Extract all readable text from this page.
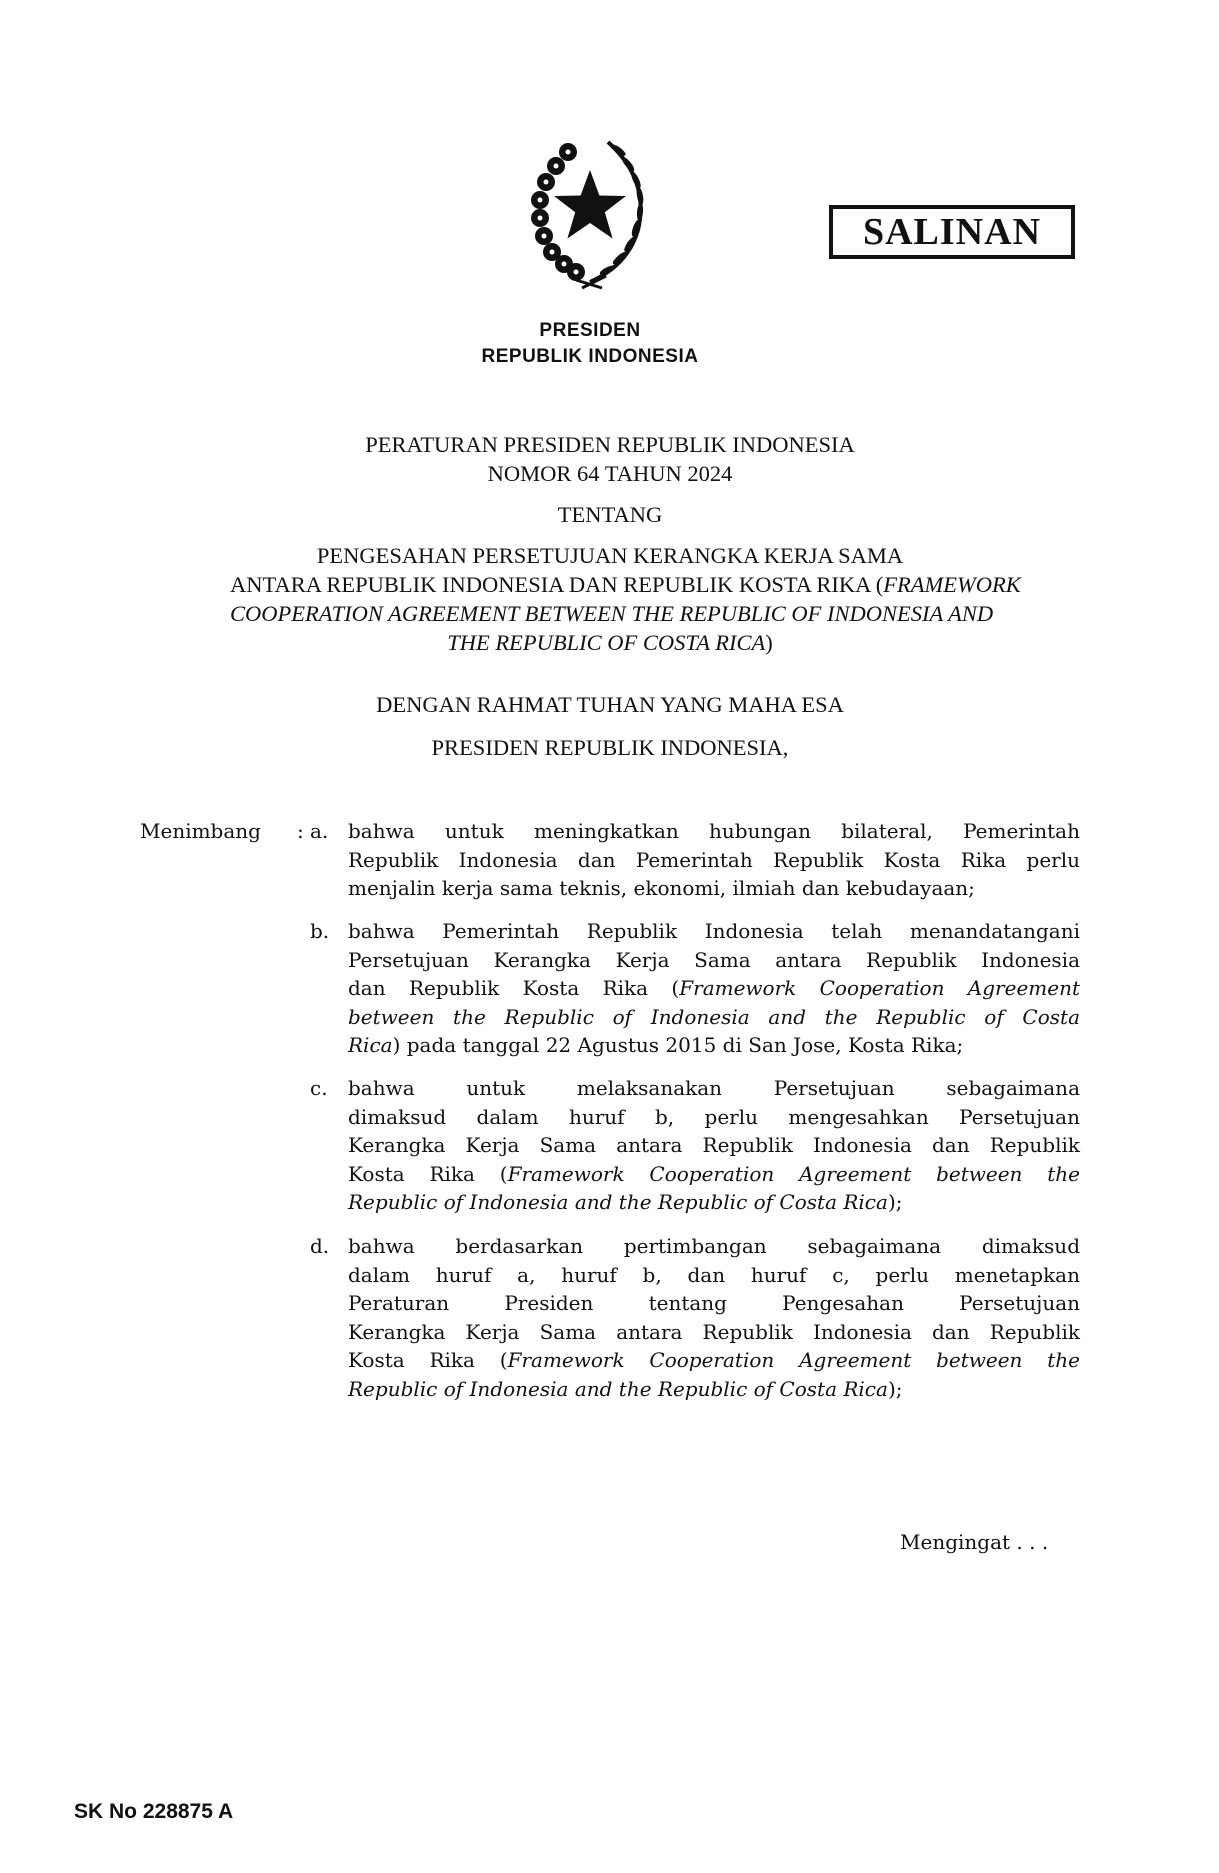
SALINAN
PRESIDEN
REPUBLIK INDONESIA
PERATURAN PRESIDEN REPUBLIK INDONESIA
NOMOR 64 TAHUN 2024
TENTANG
PENGESAHAN PERSETUJUAN KERANGKA KERJA SAMA
ANTARA REPUBLIK INDONESIA DAN REPUBLIK KOSTA RIKA (FRAMEWORK
COOPERATION AGREEMENT BETWEEN THE REPUBLIC OF INDONESIA AND
THE REPUBLIC OF COSTA RICA)
DENGAN RAHMAT TUHAN YANG MAHA ESA
PRESIDEN REPUBLIK INDONESIA,
Menimbang : a. bahwa untuk meningkatkan hubungan bilateral, Pemerintah
Republik Indonesia dan Pemerintah Republik Kosta Rika perlu
menjalin kerja sama teknis, ekonomi, ilmiah dan kebudayaan;
b. bahwa Pemerintah Republik Indonesia telah menandatangani
Persetujuan Kerangka Kerja Sama antara Republik Indonesia
dan Republik Kosta Rika (Framework Cooperation Agreement
between the Republic of Indonesia and the Republic of Costa
Rica) pada tanggal 22 Agustus 2015 di San Jose, Kosta Rika;
c. bahwa untuk melaksanakan Persetujuan sebagaimana
dimaksud dalam huruf b, perlu mengesahkan Persetujuan
Kerangka Kerja Sama antara Republik Indonesia dan Republik
Kosta Rika (Framework Cooperation Agreement between the
Republic of Indonesia and the Republic of Costa Rica);
d. bahwa berdasarkan pertimbangan sebagaimana dimaksud
dalam huruf a, huruf b, dan huruf c, perlu menetapkan
Peraturan Presiden tentang Pengesahan Persetujuan
Kerangka Kerja Sama antara Republik Indonesia dan Republik
Kosta Rika (Framework Cooperation Agreement between the
Republic of Indonesia and the Republic of Costa Rica);
Mengingat . . .
SK No 228875 A
